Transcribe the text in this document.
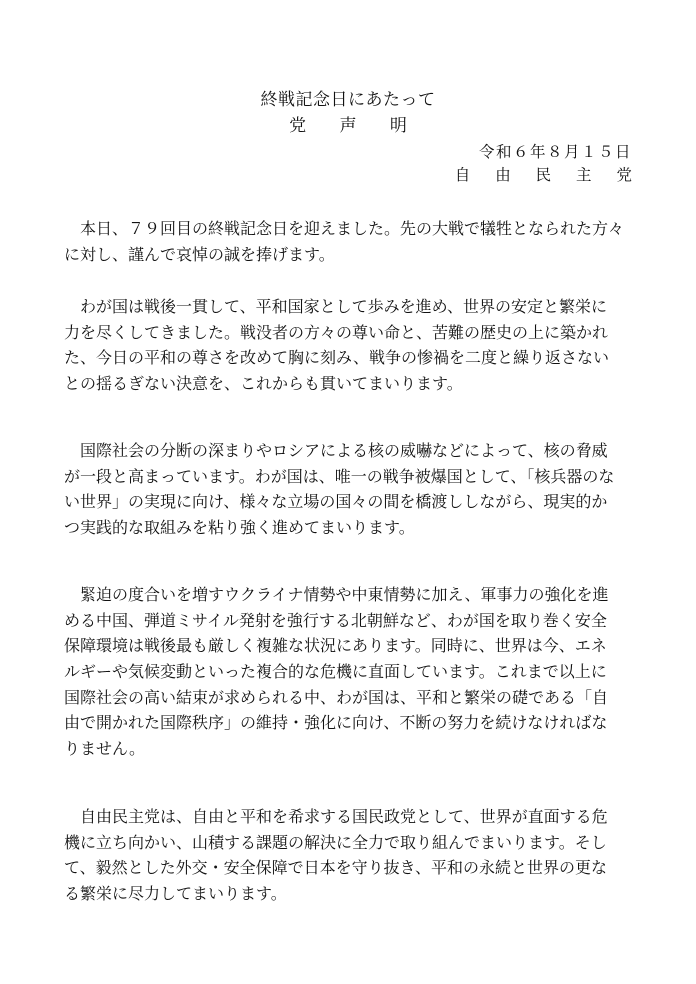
終戦記念日にあたって
党 声 明
令和６年８月１５日
自 由 民 主 党
　本日、７９回目の終戦記念日を迎えました。先の大戦で犠牲となられた方々
に対し、謹んで哀悼の誠を捧げます。
　わが国は戦後一貫して、平和国家として歩みを進め、世界の安定と繁栄に
力を尽くしてきました。戦没者の方々の尊い命と、苦難の歴史の上に築かれ
た、今日の平和の尊さを改めて胸に刻み、戦争の惨禍を二度と繰り返さない
との揺るぎない決意を、これからも貫いてまいります。
　国際社会の分断の深まりやロシアによる核の威嚇などによって、核の脅威
が一段と高まっています。わが国は、唯一の戦争被爆国として、「核兵器のな
い世界」の実現に向け、様々な立場の国々の間を橋渡ししながら、現実的か
つ実践的な取組みを粘り強く進めてまいります。
　緊迫の度合いを増すウクライナ情勢や中東情勢に加え、軍事力の強化を進
める中国、弾道ミサイル発射を強行する北朝鮮など、わが国を取り巻く安全
保障環境は戦後最も厳しく複雑な状況にあります。同時に、世界は今、エネ
ルギーや気候変動といった複合的な危機に直面しています。これまで以上に
国際社会の高い結束が求められる中、わが国は、平和と繁栄の礎である「自
由で開かれた国際秩序」の維持・強化に向け、不断の努力を続けなければな
りません。
　自由民主党は、自由と平和を希求する国民政党として、世界が直面する危
機に立ち向かい、山積する課題の解決に全力で取り組んでまいります。そし
て、毅然とした外交・安全保障で日本を守り抜き、平和の永続と世界の更な
る繁栄に尽力してまいります。
